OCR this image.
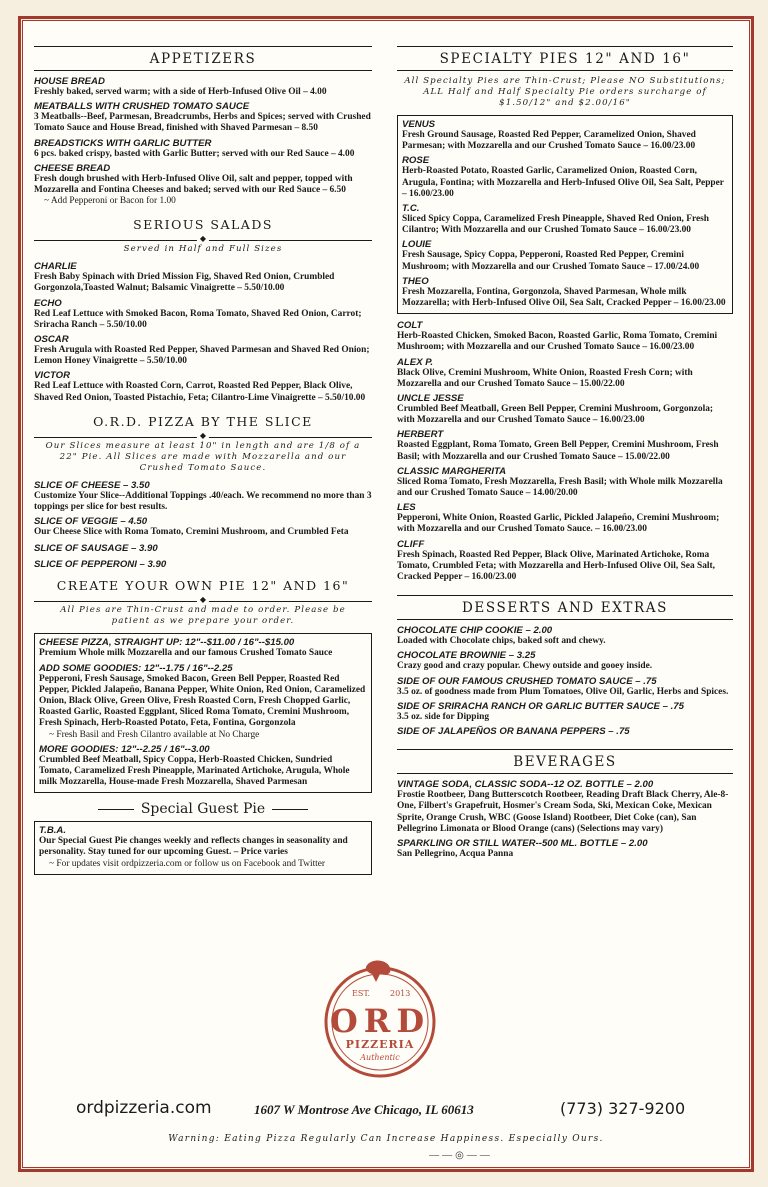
APPETIZERS
HOUSE BREAD
Freshly baked, served warm; with a side of Herb-Infused Olive Oil – 4.00
MEATBALLS WITH CRUSHED TOMATO SAUCE
3 Meatballs--Beef, Parmesan, Breadcrumbs, Herbs and Spices; served with Crushed Tomato Sauce and House Bread, finished with Shaved Parmesan – 8.50
BREADSTICKS WITH GARLIC BUTTER
6 pcs. baked crispy, basted with Garlic Butter; served with our Red Sauce – 4.00
CHEESE BREAD
Fresh dough brushed with Herb-Infused Olive Oil, salt and pepper, topped with Mozzarella and Fontina Cheeses and baked; served with our Red Sauce – 6.50
~ Add Pepperoni or Bacon for 1.00
SERIOUS SALADS
◆
Served in Half and Full Sizes
CHARLIE
Fresh Baby Spinach with Dried Mission Fig, Shaved Red Onion, Crumbled Gorgonzola,Toasted Walnut; Balsamic Vinaigrette – 5.50/10.00
ECHO
Red Leaf Lettuce with Smoked Bacon, Roma Tomato, Shaved Red Onion, Carrot; Sriracha Ranch – 5.50/10.00
OSCAR
Fresh Arugula with Roasted Red Pepper, Shaved Parmesan and Shaved Red Onion; Lemon Honey Vinaigrette – 5.50/10.00
VICTOR
Red Leaf Lettuce with Roasted Corn, Carrot, Roasted Red Pepper, Black Olive, Shaved Red Onion, Toasted Pistachio, Feta; Cilantro-Lime Vinaigrette – 5.50/10.00
O.R.D. PIZZA BY THE SLICE
◆
Our Slices measure at least 10" in length and are 1/8 of a 22" Pie. All Slices are made with Mozzarella and our Crushed Tomato Sauce.
SLICE OF CHEESE – 3.50
Customize Your Slice--Additional Toppings .40/each. We recommend no more than 3 toppings per slice for best results.
SLICE OF VEGGIE – 4.50
Our Cheese Slice with Roma Tomato, Cremini Mushroom, and Crumbled Feta
SLICE OF SAUSAGE – 3.90
SLICE OF PEPPERONI – 3.90
CREATE YOUR OWN PIE 12" AND 16"
◆
All Pies are Thin-Crust and made to order. Please be patient as we prepare your order.
CHEESE PIZZA, STRAIGHT UP: 12"--$11.00 / 16"--$15.00
Premium Whole milk Mozzarella and our famous Crushed Tomato Sauce
ADD SOME GOODIES: 12"--1.75 / 16"--2.25
Pepperoni, Fresh Sausage, Smoked Bacon, Green Bell Pepper, Roasted Red Pepper, Pickled Jalapeño, Banana Pepper, White Onion, Red Onion, Caramelized Onion, Black Olive, Green Olive, Fresh Roasted Corn, Fresh Chopped Garlic, Roasted Garlic, Roasted Eggplant, Sliced Roma Tomato, Cremini Mushroom, Fresh Spinach, Herb-Roasted Potato, Feta, Fontina, Gorgonzola
~ Fresh Basil and Fresh Cilantro available at No Charge
MORE GOODIES: 12"--2.25 / 16"--3.00
Crumbled Beef Meatball, Spicy Coppa, Herb-Roasted Chicken, Sundried Tomato, Caramelized Fresh Pineapple, Marinated Artichoke, Arugula, Whole milk Mozzarella, House-made Fresh Mozzarella, Shaved Parmesan
Special Guest Pie
T.B.A.
Our Special Guest Pie changes weekly and reflects changes in seasonality and personality. Stay tuned for our upcoming Guest. – Price varies
~ For updates visit ordpizzeria.com or follow us on Facebook and Twitter
SPECIALTY PIES 12" AND 16"
All Specialty Pies are Thin-Crust; Please NO Substitutions; ALL Half and Half Specialty Pie orders surcharge of $1.50/12" and $2.00/16"
VENUS
Fresh Ground Sausage, Roasted Red Pepper, Caramelized Onion, Shaved Parmesan; with Mozzarella and our Crushed Tomato Sauce – 16.00/23.00
ROSE
Herb-Roasted Potato, Roasted Garlic, Caramelized Onion, Roasted Corn, Arugula, Fontina; with Mozzarella and Herb-Infused Olive Oil, Sea Salt, Pepper – 16.00/23.00
T.C.
Sliced Spicy Coppa, Caramelized Fresh Pineapple, Shaved Red Onion, Fresh Cilantro; With Mozzarella and our Crushed Tomato Sauce – 16.00/23.00
LOUIE
Fresh Sausage, Spicy Coppa, Pepperoni, Roasted Red Pepper, Cremini Mushroom; with Mozzarella and our Crushed Tomato Sauce – 17.00/24.00
THEO
Fresh Mozzarella, Fontina, Gorgonzola, Shaved Parmesan, Whole milk Mozzarella; with Herb-Infused Olive Oil, Sea Salt, Cracked Pepper – 16.00/23.00
COLT
Herb-Roasted Chicken, Smoked Bacon, Roasted Garlic, Roma Tomato, Cremini Mushroom; with Mozzarella and our Crushed Tomato Sauce – 16.00/23.00
ALEX P.
Black Olive, Cremini Mushroom, White Onion, Roasted Fresh Corn; with Mozzarella and our Crushed Tomato Sauce – 15.00/22.00
UNCLE JESSE
Crumbled Beef Meatball, Green Bell Pepper, Cremini Mushroom, Gorgonzola; with Mozzarella and our Crushed Tomato Sauce – 16.00/23.00
HERBERT
Roasted Eggplant, Roma Tomato, Green Bell Pepper, Cremini Mushroom, Fresh Basil; with Mozzarella and our Crushed Tomato Sauce – 15.00/22.00
CLASSIC MARGHERITA
Sliced Roma Tomato, Fresh Mozzarella, Fresh Basil; with Whole milk Mozzarella and our Crushed Tomato Sauce – 14.00/20.00
LES
Pepperoni, White Onion, Roasted Garlic, Pickled Jalapeño, Cremini Mushroom; with Mozzarella and our Crushed Tomato Sauce. – 16.00/23.00
CLIFF
Fresh Spinach, Roasted Red Pepper, Black Olive, Marinated Artichoke, Roma Tomato, Crumbled Feta; with Mozzarella and Herb-Infused Olive Oil, Sea Salt, Cracked Pepper – 16.00/23.00
DESSERTS AND EXTRAS
CHOCOLATE CHIP COOKIE – 2.00
Loaded with Chocolate chips, baked soft and chewy.
CHOCOLATE BROWNIE – 3.25
Crazy good and crazy popular. Chewy outside and gooey inside.
SIDE OF OUR FAMOUS CRUSHED TOMATO SAUCE – .75
3.5 oz. of goodness made from Plum Tomatoes, Olive Oil, Garlic, Herbs and Spices.
SIDE OF SRIRACHA RANCH OR GARLIC BUTTER SAUCE – .75
3.5 oz. side for Dipping
SIDE OF JALAPEÑOS OR BANANA PEPPERS – .75
BEVERAGES
VINTAGE SODA, CLASSIC SODA--12 OZ. BOTTLE – 2.00
Frostie Rootbeer, Dang Butterscotch Rootbeer, Reading Draft Black Cherry, Ale-8-One, Filbert's Grapefruit, Hosmer's Cream Soda, Ski, Mexican Coke, Mexican Sprite, Orange Crush, WBC (Goose Island) Rootbeer, Diet Coke (can), San Pellegrino Limonata or Blood Orange (cans) (Selections may vary)
SPARKLING OR STILL WATER--500 ML. BOTTLE – 2.00
San Pellegrino, Acqua Panna
EST. 2013
ORD
PIZZERIA
Authentic
ordpizzeria.com	1607 W Montrose Ave Chicago, IL 60613	(773) 327-9200
Warning: Eating Pizza Regularly Can Increase Happiness. Especially Ours.
——◎——
